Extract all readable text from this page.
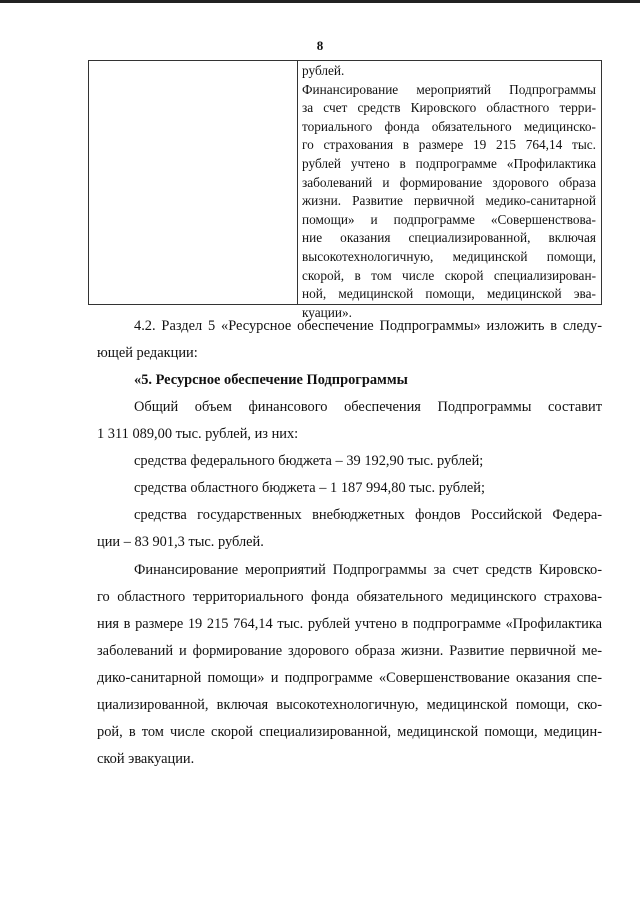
8
рублей.
Финансирование мероприятий Подпрограммы
за счет средств Кировского областного терри-
ториального фонда обязательного медицинско-
го страхования в размере 19 215 764,14 тыс.
рублей учтено в подпрограмме «Профилактика
заболеваний и формирование здорового образа
жизни. Развитие первичной медико-санитарной
помощи» и подпрограмме «Совершенствова-
ние оказания специализированной, включая
высокотехнологичную, медицинской помощи,
скорой, в том числе скорой специализирован-
ной, медицинской помощи, медицинской эва-
куации».

4.2. Раздел 5 «Ресурсное обеспечение Подпрограммы» изложить в следу-
ющей редакции:

«5. Ресурсное обеспечение Подпрограммы

Общий объем финансового обеспечения Подпрограммы составит
1 311 089,00 тыс. рублей, из них:

средства федерального бюджета – 39 192,90 тыс. рублей;

средства областного бюджета – 1 187 994,80 тыс. рублей;

средства государственных внебюджетных фондов Российской Федера-
ции – 83 901,3 тыс. рублей.

Финансирование мероприятий Подпрограммы за счет средств Кировско-
го областного территориального фонда обязательного медицинского страхова-
ния в размере 19 215 764,14 тыс. рублей учтено в подпрограмме «Профилактика
заболеваний и формирование здорового образа жизни. Развитие первичной ме-
дико-санитарной помощи» и подпрограмме «Совершенствование оказания спе-
циализированной, включая высокотехнологичную, медицинской помощи, ско-
рой, в том числе скорой специализированной, медицинской помощи, медицин-
ской эвакуации.
